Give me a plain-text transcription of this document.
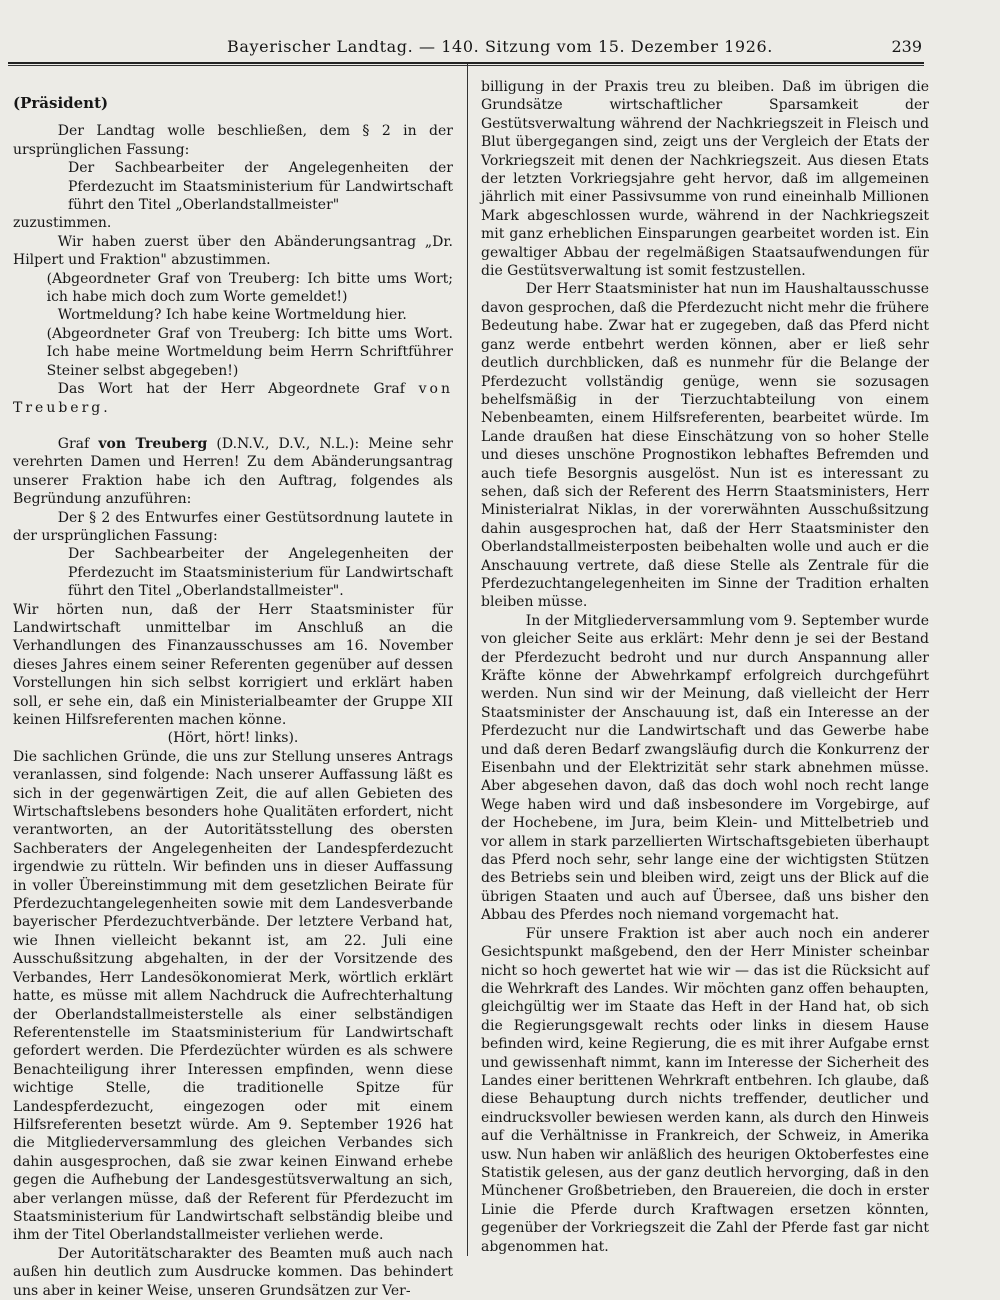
Bayerischer Landtag. — 140. Sitzung vom 15. Dezember 1926.	239
(Präsident)

Der Landtag wolle beschließen, dem § 2 in der ursprünglichen Fassung:

Der Sachbearbeiter der Angelegenheiten der Pferdezucht im Staatsministerium für Landwirtschaft führt den Titel „Oberlandstallmeister"

zuzustimmen.

Wir haben zuerst über den Abänderungsantrag „Dr. Hilpert und Fraktion" abzustimmen.

(Abgeordneter Graf von Treuberg: Ich bitte ums Wort; ich habe mich doch zum Worte gemeldet!)

Wortmeldung? Ich habe keine Wortmeldung hier.

(Abgeordneter Graf von Treuberg: Ich bitte ums Wort. Ich habe meine Wortmeldung beim Herrn Schriftführer Steiner selbst abgegeben!)

Das Wort hat der Herr Abgeordnete Graf von Treuberg.

Graf von Treuberg (D.N.V., D.V., N.L.): Meine sehr verehrten Damen und Herren! Zu dem Abänderungsantrag unserer Fraktion habe ich den Auftrag, folgendes als Begründung anzuführen:

Der § 2 des Entwurfes einer Gestütsordnung lautete in der ursprünglichen Fassung:

Der Sachbearbeiter der Angelegenheiten der Pferdezucht im Staatsministerium für Landwirtschaft führt den Titel „Oberlandstallmeister".

Wir hörten nun, daß der Herr Staatsminister für Landwirtschaft unmittelbar im Anschluß an die Verhandlungen des Finanzausschusses am 16. November dieses Jahres einem seiner Referenten gegenüber auf dessen Vorstellungen hin sich selbst korrigiert und erklärt haben soll, er sehe ein, daß ein Ministerialbeamter der Gruppe XII keinen Hilfsreferenten machen könne.

(Hört, hört! links).

Die sachlichen Gründe, die uns zur Stellung unseres Antrags veranlassen, sind folgende: Nach unserer Auffassung läßt es sich in der gegenwärtigen Zeit, die auf allen Gebieten des Wirtschaftslebens besonders hohe Qualitäten erfordert, nicht verantworten, an der Autoritätsstellung des obersten Sachberaters der Angelegenheiten der Landespferdezucht irgendwie zu rütteln. Wir befinden uns in dieser Auffassung in voller Übereinstimmung mit dem gesetzlichen Beirate für Pferdezuchtangelegenheiten sowie mit dem Landesverbande bayerischer Pferdezuchtverbände. Der letztere Verband hat, wie Ihnen vielleicht bekannt ist, am 22. Juli eine Ausschußsitzung abgehalten, in der der Vorsitzende des Verbandes, Herr Landesökonomierat Merk, wörtlich erklärt hatte, es müsse mit allem Nachdruck die Aufrechterhaltung der Oberlandstallmeisterstelle als einer selbständigen Referentenstelle im Staatsministerium für Landwirtschaft gefordert werden. Die Pferdezüchter würden es als schwere Benachteiligung ihrer Interessen empfinden, wenn diese wichtige Stelle, die traditionelle Spitze für Landespferdezucht, eingezogen oder mit einem Hilfsreferenten besetzt würde. Am 9. September 1926 hat die Mitgliederversammlung des gleichen Verbandes sich dahin ausgesprochen, daß sie zwar keinen Einwand erhebe gegen die Aufhebung der Landesgestütsverwaltung an sich, aber verlangen müsse, daß der Referent für Pferdezucht im Staatsministerium für Landwirtschaft selbständig bleibe und ihm der Titel Oberlandstallmeister verliehen werde.

Der Autoritätscharakter des Beamten muß auch nach außen hin deutlich zum Ausdrucke kommen. Das behindert uns aber in keiner Weise, unseren Grundsätzen zur Ver-

billigung in der Praxis treu zu bleiben. Daß im übrigen die Grundsätze wirtschaftlicher Sparsamkeit der Gestütsverwaltung während der Nachkriegszeit in Fleisch und Blut übergegangen sind, zeigt uns der Vergleich der Etats der Vorkriegszeit mit denen der Nachkriegszeit. Aus diesen Etats der letzten Vorkriegsjahre geht hervor, daß im allgemeinen jährlich mit einer Passivsumme von rund eineinhalb Millionen Mark abgeschlossen wurde, während in der Nachkriegszeit mit ganz erheblichen Einsparungen gearbeitet worden ist. Ein gewaltiger Abbau der regelmäßigen Staatsaufwendungen für die Gestütsverwaltung ist somit festzustellen.

Der Herr Staatsminister hat nun im Haushaltausschusse davon gesprochen, daß die Pferdezucht nicht mehr die frühere Bedeutung habe. Zwar hat er zugegeben, daß das Pferd nicht ganz werde entbehrt werden können, aber er ließ sehr deutlich durchblicken, daß es nunmehr für die Belange der Pferdezucht vollständig genüge, wenn sie sozusagen behelfsmäßig in der Tierzuchtabteilung von einem Nebenbeamten, einem Hilfsreferenten, bearbeitet würde. Im Lande draußen hat diese Einschätzung von so hoher Stelle und dieses unschöne Prognostikon lebhaftes Befremden und auch tiefe Besorgnis ausgelöst. Nun ist es interessant zu sehen, daß sich der Referent des Herrn Staatsministers, Herr Ministerialrat Niklas, in der vorerwähnten Ausschußsitzung dahin ausgesprochen hat, daß der Herr Staatsminister den Oberlandstallmeisterposten beibehalten wolle und auch er die Anschauung vertrete, daß diese Stelle als Zentrale für die Pferdezuchtangelegenheiten im Sinne der Tradition erhalten bleiben müsse.

In der Mitgliederversammlung vom 9. September wurde von gleicher Seite aus erklärt: Mehr denn je sei der Bestand der Pferdezucht bedroht und nur durch Anspannung aller Kräfte könne der Abwehrkampf erfolgreich durchgeführt werden. Nun sind wir der Meinung, daß vielleicht der Herr Staatsminister der Anschauung ist, daß ein Interesse an der Pferdezucht nur die Landwirtschaft und das Gewerbe habe und daß deren Bedarf zwangsläufig durch die Konkurrenz der Eisenbahn und der Elektrizität sehr stark abnehmen müsse. Aber abgesehen davon, daß das doch wohl noch recht lange Wege haben wird und daß insbesondere im Vorgebirge, auf der Hochebene, im Jura, beim Klein- und Mittelbetrieb und vor allem in stark parzellierten Wirtschaftsgebieten überhaupt das Pferd noch sehr, sehr lange eine der wichtigsten Stützen des Betriebs sein und bleiben wird, zeigt uns der Blick auf die übrigen Staaten und auch auf Übersee, daß uns bisher den Abbau des Pferdes noch niemand vorgemacht hat.

Für unsere Fraktion ist aber auch noch ein anderer Gesichtspunkt maßgebend, den der Herr Minister scheinbar nicht so hoch gewertet hat wie wir — das ist die Rücksicht auf die Wehrkraft des Landes. Wir möchten ganz offen behaupten, gleichgültig wer im Staate das Heft in der Hand hat, ob sich die Regierungsgewalt rechts oder links in diesem Hause befinden wird, keine Regierung, die es mit ihrer Aufgabe ernst und gewissenhaft nimmt, kann im Interesse der Sicherheit des Landes einer berittenen Wehrkraft entbehren. Ich glaube, daß diese Behauptung durch nichts treffender, deutlicher und eindrucksvoller bewiesen werden kann, als durch den Hinweis auf die Verhältnisse in Frankreich, der Schweiz, in Amerika usw. Nun haben wir anläßlich des heurigen Oktoberfestes eine Statistik gelesen, aus der ganz deutlich hervorging, daß in den Münchener Großbetrieben, den Brauereien, die doch in erster Linie die Pferde durch Kraftwagen ersetzen könnten, gegenüber der Vorkriegszeit die Zahl der Pferde fast gar nicht abgenommen hat.
